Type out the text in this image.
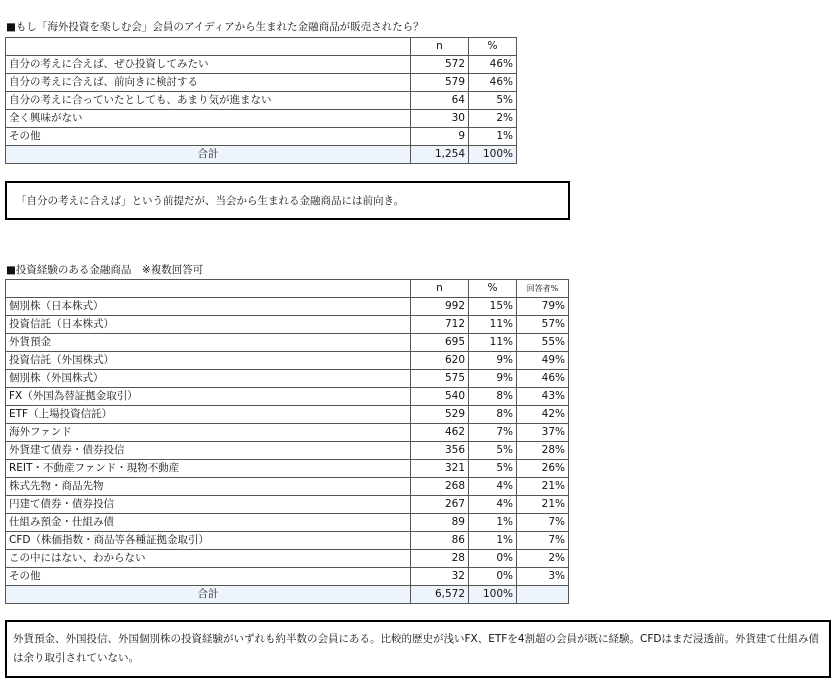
■もし「海外投資を楽しむ会」会員のアイディアから生まれた金融商品が販売されたら？
	n	%
自分の考えに合えば、ぜひ投資してみたい	572	46%
自分の考えに合えば、前向きに検討する	579	46%
自分の考えに合っていたとしても、あまり気が進まない	64	5%
全く興味がない	30	2%
その他	9	1%
合計	1,254	100%
「自分の考えに合えば」という前提だが、当会から生まれる金融商品には前向き。
■投資経験のある金融商品　※複数回答可
	n	%	回答者%
個別株（日本株式）	992	15%	79%
投資信託（日本株式）	712	11%	57%
外貨預金	695	11%	55%
投資信託（外国株式）	620	9%	49%
個別株（外国株式）	575	9%	46%
FX（外国為替証拠金取引）	540	8%	43%
ETF（上場投資信託）	529	8%	42%
海外ファンド	462	7%	37%
外貨建て債券・債券投信	356	5%	28%
REIT・不動産ファンド・現物不動産	321	5%	26%
株式先物・商品先物	268	4%	21%
円建て債券・債券投信	267	4%	21%
仕組み預金・仕組み債	89	1%	7%
CFD（株価指数・商品等各種証拠金取引）	86	1%	7%
この中にはない、わからない	28	0%	2%
その他	32	0%	3%
合計	6,572	100%	
外貨預金、外国投信、外国個別株の投資経験がいずれも約半数の会員にある。比較的歴史が浅いFX、ETFを4割超の会員が既に経験。CFDはまだ浸透前。外貨建て仕組み債は余り取引されていない。
